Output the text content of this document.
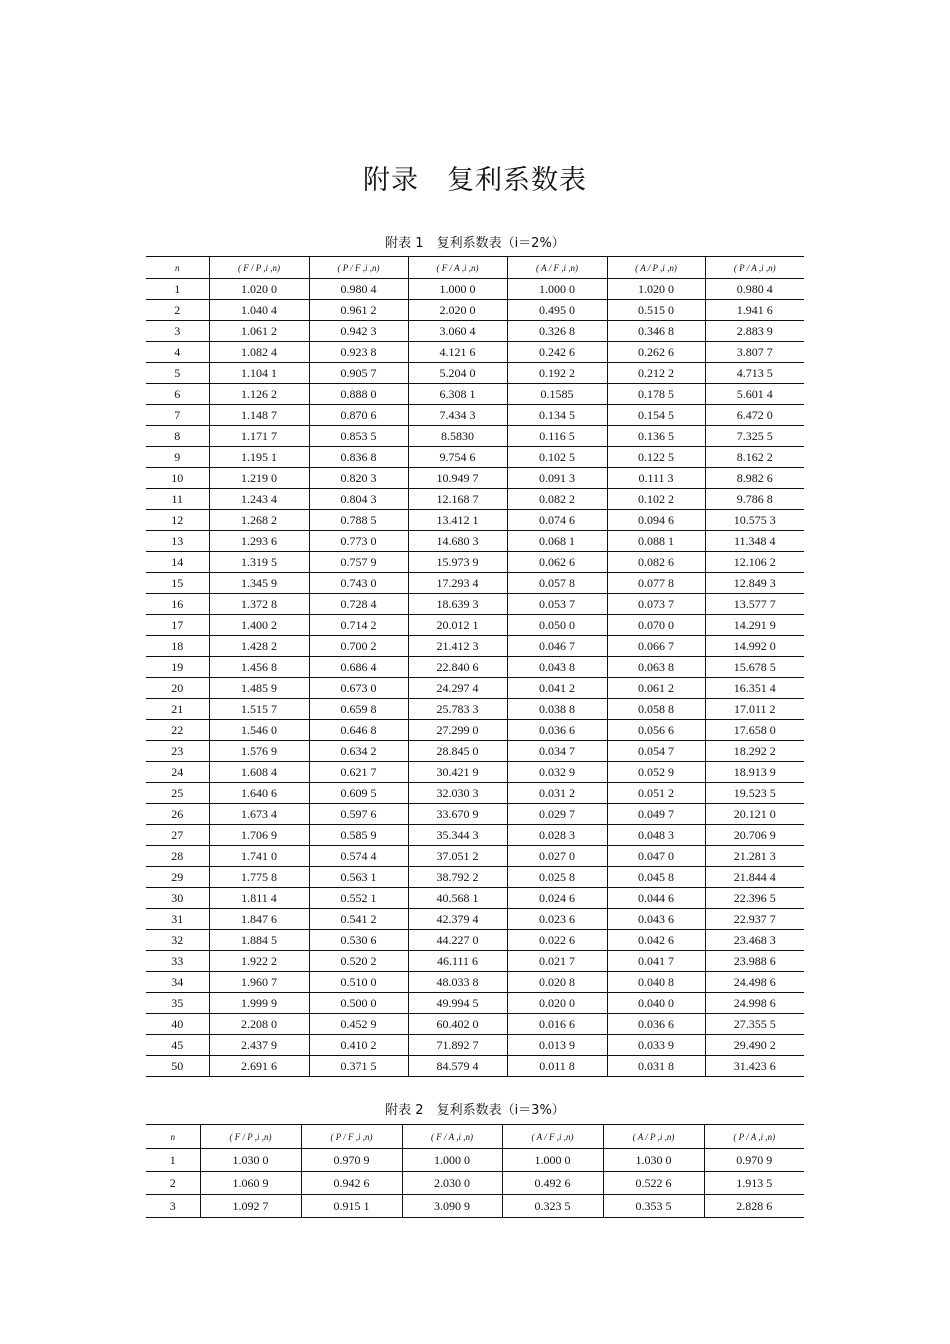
附录　复利系数表
附表 1　复利系数表（i＝2%）
n	( F / P ,i ,n)	( P / F ,i ,n)	( F / A ,i ,n)	( A / F ,i ,n)	( A / P ,i ,n)	( P / A ,i ,n)
1	1.020 0	0.980 4	1.000 0	1.000 0	1.020 0	0.980 4
2	1.040 4	0.961 2	2.020 0	0.495 0	0.515 0	1.941 6
3	1.061 2	0.942 3	3.060 4	0.326 8	0.346 8	2.883 9
4	1.082 4	0.923 8	4.121 6	0.242 6	0.262 6	3.807 7
5	1.104 1	0.905 7	5.204 0	0.192 2	0.212 2	4.713 5
6	1.126 2	0.888 0	6.308 1	0.1585	0.178 5	5.601 4
7	1.148 7	0.870 6	7.434 3	0.134 5	0.154 5	6.472 0
8	1.171 7	0.853 5	8.5830	0.116 5	0.136 5	7.325 5
9	1.195 1	0.836 8	9.754 6	0.102 5	0.122 5	8.162 2
10	1.219 0	0.820 3	10.949 7	0.091 3	0.111 3	8.982 6
11	1.243 4	0.804 3	12.168 7	0.082 2	0.102 2	9.786 8
12	1.268 2	0.788 5	13.412 1	0.074 6	0.094 6	10.575 3
13	1.293 6	0.773 0	14.680 3	0.068 1	0.088 1	11.348 4
14	1.319 5	0.757 9	15.973 9	0.062 6	0.082 6	12.106 2
15	1.345 9	0.743 0	17.293 4	0.057 8	0.077 8	12.849 3
16	1.372 8	0.728 4	18.639 3	0.053 7	0.073 7	13.577 7
17	1.400 2	0.714 2	20.012 1	0.050 0	0.070 0	14.291 9
18	1.428 2	0.700 2	21.412 3	0.046 7	0.066 7	14.992 0
19	1.456 8	0.686 4	22.840 6	0.043 8	0.063 8	15.678 5
20	1.485 9	0.673 0	24.297 4	0.041 2	0.061 2	16.351 4
21	1.515 7	0.659 8	25.783 3	0.038 8	0.058 8	17.011 2
22	1.546 0	0.646 8	27.299 0	0.036 6	0.056 6	17.658 0
23	1.576 9	0.634 2	28.845 0	0.034 7	0.054 7	18.292 2
24	1.608 4	0.621 7	30.421 9	0.032 9	0.052 9	18.913 9
25	1.640 6	0.609 5	32.030 3	0.031 2	0.051 2	19.523 5
26	1.673 4	0.597 6	33.670 9	0.029 7	0.049 7	20.121 0
27	1.706 9	0.585 9	35.344 3	0.028 3	0.048 3	20.706 9
28	1.741 0	0.574 4	37.051 2	0.027 0	0.047 0	21.281 3
29	1.775 8	0.563 1	38.792 2	0.025 8	0.045 8	21.844 4
30	1.811 4	0.552 1	40.568 1	0.024 6	0.044 6	22.396 5
31	1.847 6	0.541 2	42.379 4	0.023 6	0.043 6	22.937 7
32	1.884 5	0.530 6	44.227 0	0.022 6	0.042 6	23.468 3
33	1.922 2	0.520 2	46.111 6	0.021 7	0.041 7	23.988 6
34	1.960 7	0.510 0	48.033 8	0.020 8	0.040 8	24.498 6
35	1.999 9	0.500 0	49.994 5	0.020 0	0.040 0	24.998 6
40	2.208 0	0.452 9	60.402 0	0.016 6	0.036 6	27.355 5
45	2.437 9	0.410 2	71.892 7	0.013 9	0.033 9	29.490 2
50	2.691 6	0.371 5	84.579 4	0.011 8	0.031 8	31.423 6
附表 2　复利系数表（i＝3%）
n	( F / P ,i ,n)	( P / F ,i ,n)	( F / A ,i ,n)	( A / F ,i ,n)	( A / P ,i ,n)	( P / A ,i ,n)
1	1.030 0	0.970 9	1.000 0	1.000 0	1.030 0	0.970 9
2	1.060 9	0.942 6	2.030 0	0.492 6	0.522 6	1.913 5
3	1.092 7	0.915 1	3.090 9	0.323 5	0.353 5	2.828 6
